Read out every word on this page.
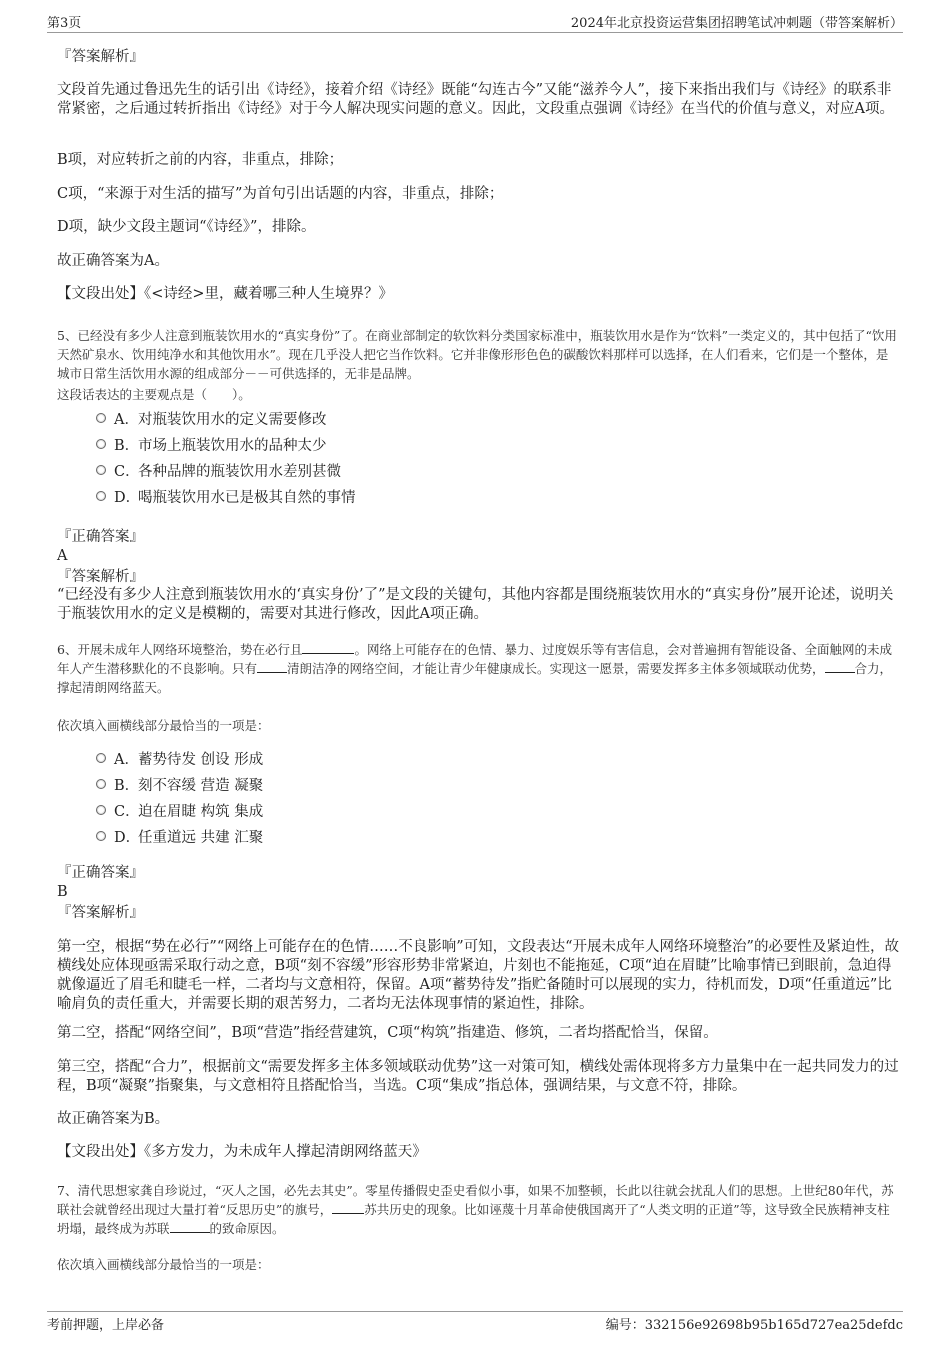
第3页	2024年北京投资运营集团招聘笔试冲刺题（带答案解析）
『答案解析』

文段首先通过鲁迅先生的话引出《诗经》，接着介绍《诗经》既能“勾连古今”又能“滋养今人”，接下来指出我们与《诗经》的联系非常紧密，之后通过转折指出《诗经》对于今人解决现实问题的意义。因此，文段重点强调《诗经》在当代的价值与意义，对应A项。

B项，对应转折之前的内容，非重点，排除；

C项，“来源于对生活的描写”为首句引出话题的内容，非重点，排除；

D项，缺少文段主题词“《诗经》”，排除。

故正确答案为A。

【文段出处】《<诗经>里，藏着哪三种人生境界？》

5、已经没有多少人注意到瓶装饮用水的“真实身份”了。在商业部制定的软饮料分类国家标准中，瓶装饮用水是作为“饮料”一类定义的，其中包括了“饮用天然矿泉水、饮用纯净水和其他饮用水”。现在几乎没人把它当作饮料。它并非像形形色色的碳酸饮料那样可以选择，在人们看来，它们是一个整体，是城市日常生活饮用水源的组成部分－－可供选择的，无非是品牌。

这段话表达的主要观点是（　　）。

A． 对瓶装饮用水的定义需要修改
B．
市场上瓶装饮用水的品种太少
C．
各种品牌的瓶装饮用水差别甚微
D．
喝瓶装饮用水已是极其自然的事情
『正确答案』
A
『答案解析』

“已经没有多少人注意到瓶装饮用水的‘真实身份’了”是文段的关键句，其他内容都是围绕瓶装饮用水的“真实身份”展开论述，说明关于瓶装饮用水的定义是模糊的，需要对其进行修改，因此A项正确。

6、开展未成年人网络环境整治，势在必行且	。网络上可能存在的色情、暴力、过度娱乐等有害信息，会对普遍拥有智能设备、全面触网的未成年人产生潜移默化的不良影响。只有 清朗洁净的网络空间，才能让青少年健康成长。实现这一愿景，需要发挥多主体多领域联动优势， 合力，撑起清朗网络蓝天。

依次填入画横线部分最恰当的一项是：

A． 蓄势待发 创设 形成
B．
刻不容缓 营造 凝聚
C．
迫在眉睫 构筑 集成
D．
任重道远 共建 汇聚
『正确答案』
B
『答案解析』

第一空，根据“势在必行”“网络上可能存在的色情……不良影响”可知，文段表达“开展未成年人网络环境整治”的必要性及紧迫性，故横线处应体现亟需采取行动之意，B项“刻不容缓”形容形势非常紧迫，片刻也不能拖延，C项“迫在眉睫”比喻事情已到眼前，急迫得就像逼近了眉毛和睫毛一样，二者均与文意相符，保留。A项“蓄势待发”指贮备随时可以展现的实力，待机而发，D项“任重道远”比喻肩负的责任重大，并需要长期的艰苦努力，二者均无法体现事情的紧迫性，排除。

第二空，搭配“网络空间”，B项“营造”指经营建筑，C项“构筑”指建造、修筑，二者均搭配恰当，保留。

第三空，搭配“合力”，根据前文“需要发挥多主体多领域联动优势”这一对策可知，横线处需体现将多方力量集中在一起共同发力的过程，B项“凝聚”指聚集，与文意相符且搭配恰当，当选。C项“集成”指总体，强调结果，与文意不符，排除。

故正确答案为B。

【文段出处】《多方发力，为未成年人撑起清朗网络蓝天》

7、清代思想家龚自珍说过，“灭人之国，必先去其史”。零星传播假史歪史看似小事，如果不加整顿，长此以往就会扰乱人们的思想。上世纪80年代，苏联社会就曾经出现过大量打着“反思历史”的旗号，	苏共历史的现象。比如诬蔑十月革命使俄国离开了“人类文明的正道”等，这导致全民族精神支柱坍塌，最终成为苏联	的致命原因。

依次填入画横线部分最恰当的一项是：

考前押题，上岸必备	编号：332156e92698b95b165d727ea25defdc
